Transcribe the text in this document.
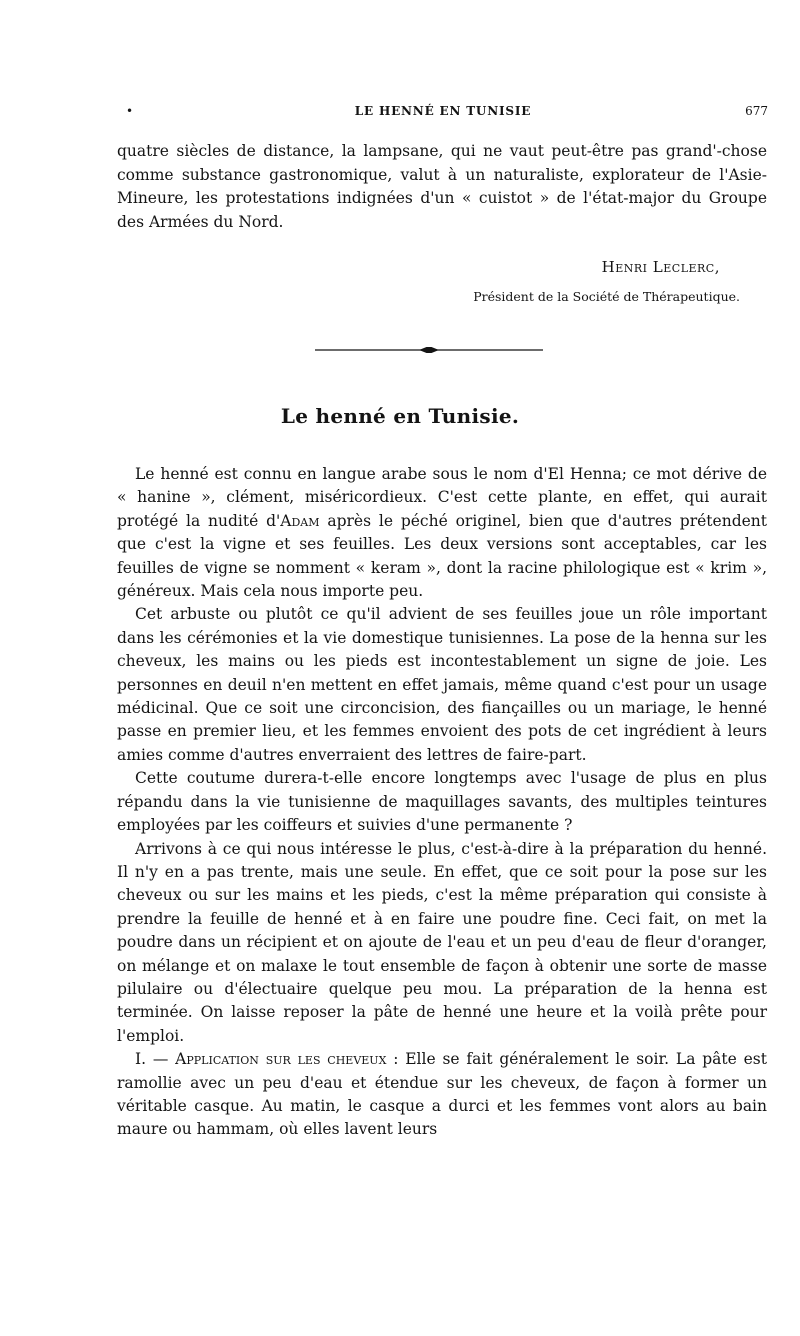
•	LE HENNÉ EN TUNISIE	677

quatre siècles de distance, la lampsane, qui ne vaut peut-être pas grand'-chose comme substance gastronomique, valut à un naturaliste, explorateur de l'Asie-Mineure, les protestations indignées d'un « cuistot » de l'état-major du Groupe des Armées du Nord.

Henri Leclerc,
Président de la Société de Thérapeutique.
Le henné en Tunisie.

Le henné est connu en langue arabe sous le nom d'El Henna; ce mot dérive de « hanine », clément, miséricordieux. C'est cette plante, en effet, qui aurait protégé la nudité d'Adam après le péché originel, bien que d'autres prétendent que c'est la vigne et ses feuilles. Les deux versions sont acceptables, car les feuilles de vigne se nomment « keram », dont la racine philologique est « krim », généreux. Mais cela nous importe peu.

Cet arbuste ou plutôt ce qu'il advient de ses feuilles joue un rôle important dans les cérémonies et la vie domestique tunisiennes. La pose de la henna sur les cheveux, les mains ou les pieds est incontestablement un signe de joie. Les personnes en deuil n'en mettent en effet jamais, même quand c'est pour un usage médicinal. Que ce soit une circoncision, des fiançailles ou un mariage, le henné passe en premier lieu, et les femmes envoient des pots de cet ingrédient à leurs amies comme d'autres enverraient des lettres de faire-part.

Cette coutume durera-t-elle encore longtemps avec l'usage de plus en plus répandu dans la vie tunisienne de maquillages savants, des multiples teintures employées par les coiffeurs et suivies d'une permanente ?

Arrivons à ce qui nous intéresse le plus, c'est-à-dire à la préparation du henné. Il n'y en a pas trente, mais une seule. En effet, que ce soit pour la pose sur les cheveux ou sur les mains et les pieds, c'est la même préparation qui consiste à prendre la feuille de henné et à en faire une poudre fine. Ceci fait, on met la poudre dans un récipient et on ajoute de l'eau et un peu d'eau de fleur d'oranger, on mélange et on malaxe le tout ensemble de façon à obtenir une sorte de masse pilulaire ou d'électuaire quelque peu mou. La préparation de la henna est terminée. On laisse reposer la pâte de henné une heure et la voilà prête pour l'emploi.

I. — Application sur les cheveux : Elle se fait généralement le soir. La pâte est ramollie avec un peu d'eau et étendue sur les cheveux, de façon à former un véritable casque. Au matin, le casque a durci et les femmes vont alors au bain maure ou hammam, où elles lavent leurs
